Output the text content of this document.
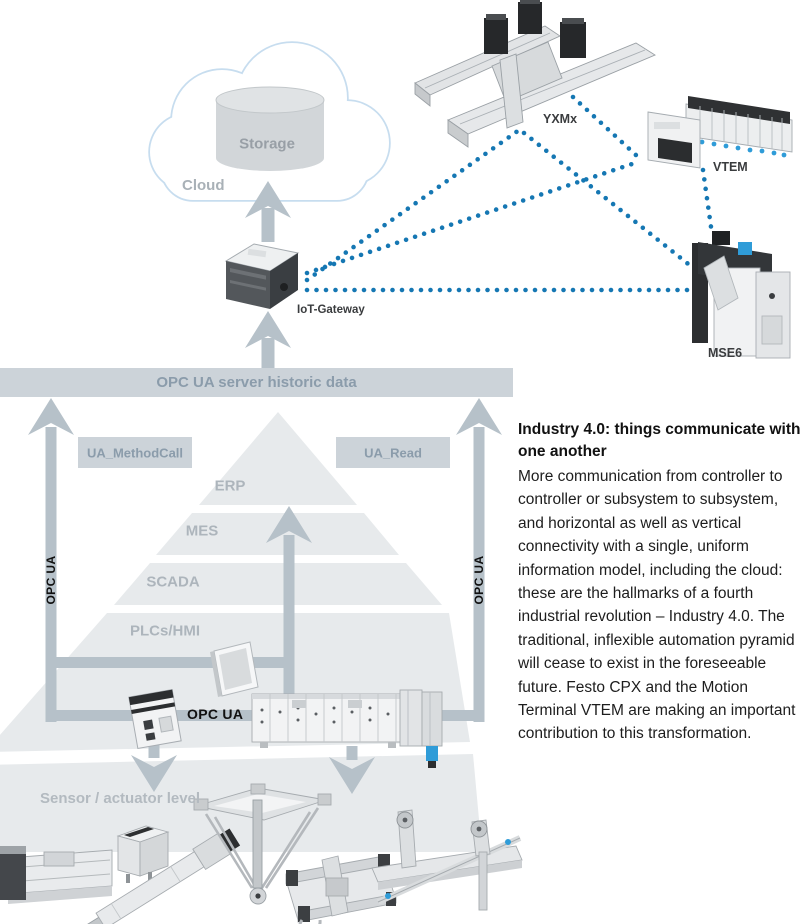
Storage
Cloud
IoT-Gateway
YXMx
VTEM
MSE6
OPC UA server historic data
UA_MethodCall	UA_Read
ERP
MES
SCADA
PLCs/HMI
Sensor / actuator level
OPC UA	OPC UA
OPC UA
Industry 4.0: things communicate with one another

More communication from controller to controller or subsystem to subsystem, and horizontal as well as vertical connectivity with a single, uniform information model, including the cloud: these are the hallmarks of a fourth industrial revolution – Industry 4.0. The traditional, inflexible automation pyramid will cease to exist in the foreseeable future. Festo CPX and the Motion Terminal VTEM are making an important contribution to this transformation.
